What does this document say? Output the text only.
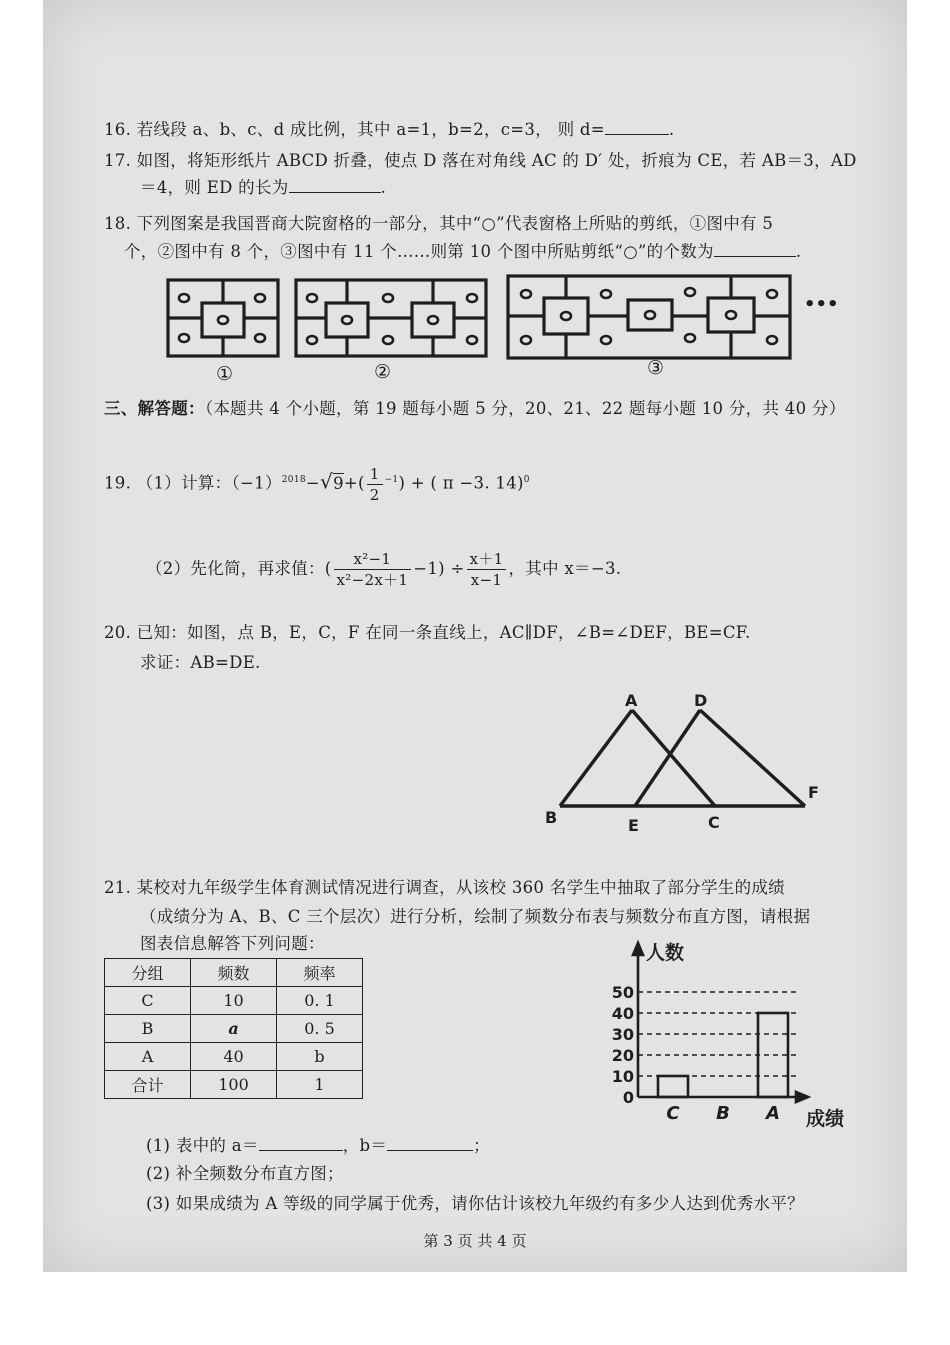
16. 若线段 a、b、c、d 成比例，其中 a=1，b=2，c=3， 则 d=	.
17. 如图，将矩形纸片 ABCD 折叠，使点 D 落在对角线 AC 的 D′ 处，折痕为 CE，若 AB＝3，AD
＝4，则 ED 的长为	.
18. 下列图案是我国晋商大院窗格的一部分，其中“○”代表窗格上所贴的剪纸，①图中有 5
个，②图中有 8 个，③图中有 11 个……则第 10 个图中所贴剪纸“○”的个数为	.
①	②	③
•••
三、解答题：（本题共 4 个小题，第 19 题每小题 5 分，20、21、22 题每小题 10 分，共 40 分）
19. （1）计算：$(-1)^{2018}-√9+( \frac{1}{2} ^{-1})$ + ( π −3. 14)$^0$
（2）先化简，再求值：( $\frac{\text{x²−1}}{\text{x²−2x＋1}} -1) \div \frac{x+1}{x-1}$ ，其中 x＝−3.
20. 已知：如图，点 B，E，C，F 在同一条直线上，AC∥DF，∠B=∠DEF，BE=CF.
求证：AB=DE.
A	D
B	E	C
F
21. 某校对九年级学生体育测试情况进行调查，从该校 360 名学生中抽取了部分学生的成绩
（成绩分为 A、B、C 三个层次）进行分析，绘制了频数分布表与频数分布直方图，请根据
图表信息解答下列问题：
分组	频数	频率
C	10	0. 1
B	a	0. 5
A	40	b
合计	100	1
0
10
20
30
40
50
C B A
人数
成绩
(1) 表中的 a＝	，b＝	；
(2) 补全频数分布直方图；
(3) 如果成绩为 A 等级的同学属于优秀，请你估计该校九年级约有多少人达到优秀水平？
第 3 页 共 4 页
